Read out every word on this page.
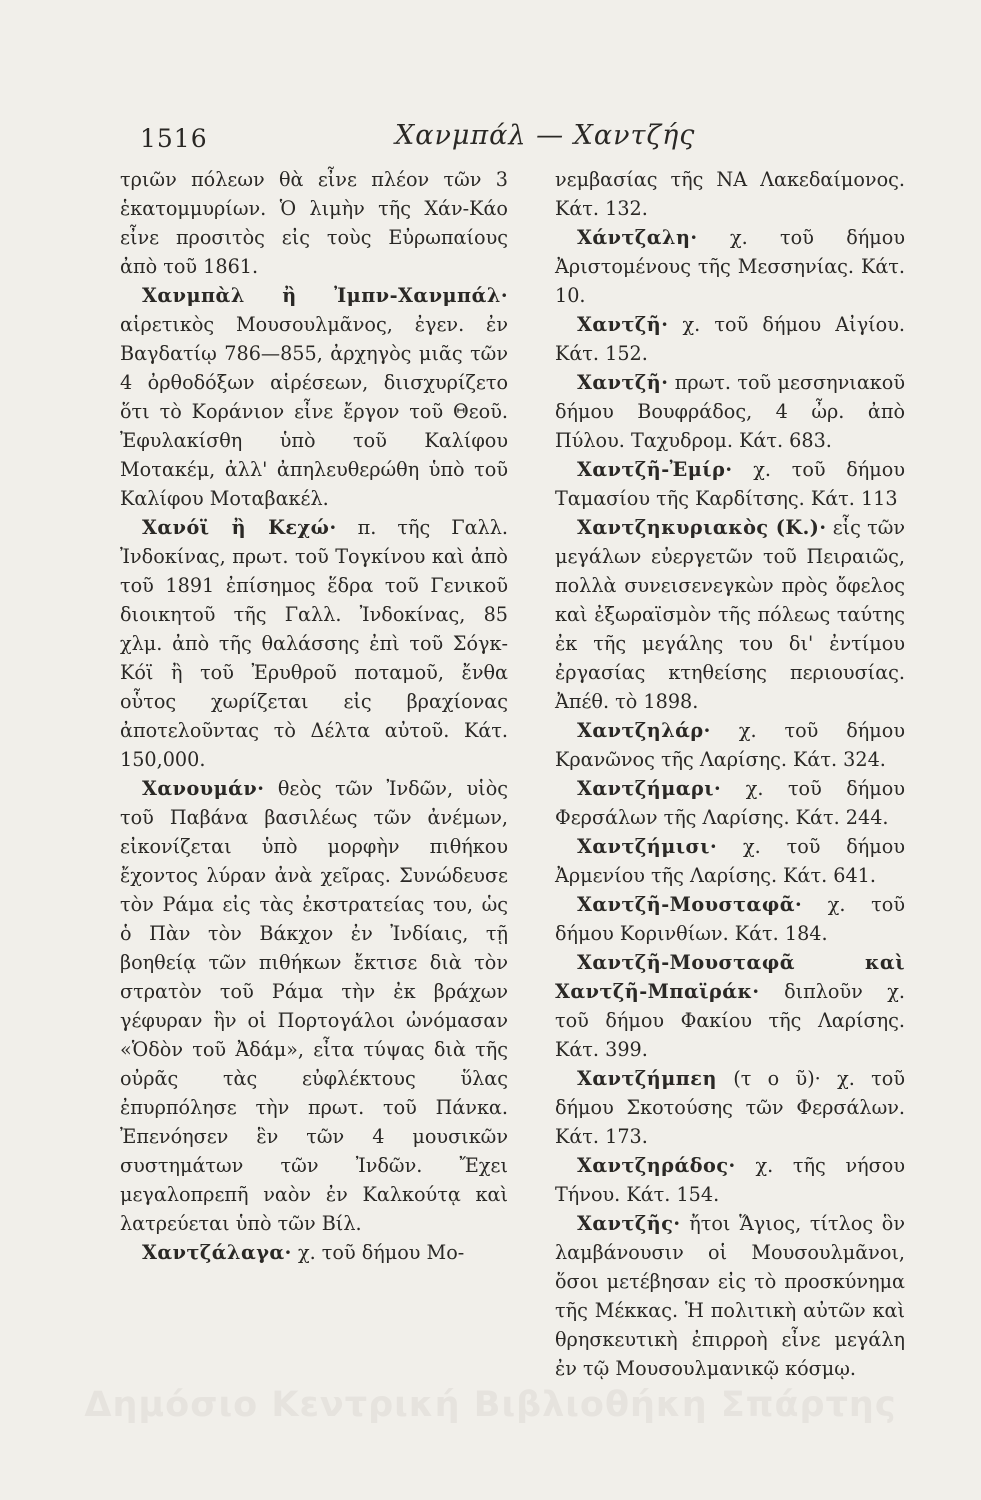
1516	Χανμπάλ — Χαντζής

τριῶν πόλεων θὰ εἶνε πλέον τῶν 3 ἑκατομμυρίων. Ὁ λιμὴν τῆς Χάν-Κάο εἶνε προσιτὸς εἰς τοὺς Εὐρωπαίους ἀπὸ τοῦ 1861.

Χανμπὰλ ἢ Ἰμπν-Χανμπάλ· αἱρετικὸς Μουσουλμᾶνος, ἐγεν. ἐν Βαγδατίῳ 786—855, ἀρχηγὸς μιᾶς τῶν 4 ὀρθοδόξων αἱρέσεων, διισχυρίζετο ὅτι τὸ Κοράνιον εἶνε ἔργον τοῦ Θεοῦ. Ἐφυλακίσθη ὑπὸ τοῦ Καλίφου Μοτακέμ, ἀλλ' ἀπηλευθερώθη ὑπὸ τοῦ Καλίφου Μοταβακέλ.

Χανόϊ ἢ Κεχώ· π. τῆς Γαλλ. Ἰνδοκίνας, πρωτ. τοῦ Τογκίνου καὶ ἀπὸ τοῦ 1891 ἐπίσημος ἕδρα τοῦ Γενικοῦ διοικητοῦ τῆς Γαλλ. Ἰνδοκίνας, 85 χλμ. ἀπὸ τῆς θαλάσσης ἐπὶ τοῦ Σόγκ-Κόϊ ἢ τοῦ Ἐρυθροῦ ποταμοῦ, ἔνθα οὗτος χωρίζεται εἰς βραχίονας ἀποτελοῦντας τὸ Δέλτα αὐτοῦ. Κάτ. 150,000.

Χανουμάν· θεὸς τῶν Ἰνδῶν, υἱὸς τοῦ Παβάνα βασιλέως τῶν ἀνέμων, εἰκονίζεται ὑπὸ μορφὴν πιθήκου ἔχοντος λύραν ἀνὰ χεῖρας. Συνώδευσε τὸν Ράμα εἰς τὰς ἐκστρατείας του, ὡς ὁ Πὰν τὸν Βάκχον ἐν Ἰνδίαις, τῇ βοηθείᾳ τῶν πιθήκων ἔκτισε διὰ τὸν στρατὸν τοῦ Ράμα τὴν ἐκ βράχων γέφυραν ἣν οἱ Πορτογάλοι ὠνόμασαν «Ὁδὸν τοῦ Ἀδάμ», εἶτα τύψας διὰ τῆς οὐρᾶς τὰς εὐφλέκτους ὕλας ἐπυρπόλησε τὴν πρωτ. τοῦ Πάνκα. Ἐπενόησεν ἓν τῶν 4 μουσικῶν συστημάτων τῶν Ἰνδῶν. Ἔχει μεγαλοπρεπῆ ναὸν ἐν Καλκούτᾳ καὶ λατρεύεται ὑπὸ τῶν Βίλ.

Χαντζάλαγα· χ. τοῦ δήμου Μο-

νεμβασίας τῆς ΝΑ Λακεδαίμονος. Κάτ. 132.

Χάντζαλη· χ. τοῦ δήμου Ἀριστομένους τῆς Μεσσηνίας. Κάτ. 10.

Χαντζῆ· χ. τοῦ δήμου Αἰγίου. Κάτ. 152.

Χαντζῆ· πρωτ. τοῦ μεσσηνιακοῦ δήμου Βουφράδος, 4 ὦρ. ἀπὸ Πύλου. Ταχυδρομ. Κάτ. 683.

Χαντζῆ-Ἐμίρ· χ. τοῦ δήμου Ταμασίου τῆς Καρδίτσης. Κάτ. 113

Χαντζηκυριακὸς (Κ.)· εἷς τῶν μεγάλων εὐεργετῶν τοῦ Πειραιῶς, πολλὰ συνεισενεγκὼν πρὸς ὄφελος καὶ ἐξωραϊσμὸν τῆς πόλεως ταύτης ἐκ τῆς μεγάλης του δι' ἐντίμου ἐργασίας κτηθείσης περιουσίας. Ἀπέθ. τὸ 1898.

Χαντζηλάρ· χ. τοῦ δήμου Κρανῶνος τῆς Λαρίσης. Κάτ. 324.

Χαντζήμαρι· χ. τοῦ δήμου Φερσάλων τῆς Λαρίσης. Κάτ. 244.

Χαντζήμισι· χ. τοῦ δήμου Ἀρμενίου τῆς Λαρίσης. Κάτ. 641.

Χαντζῆ-Μουσταφᾶ· χ. τοῦ δήμου Κορινθίων. Κάτ. 184.

Χαντζῆ-Μουσταφᾶ καὶ Χαντζῆ-Μπαϊράκ· διπλοῦν χ. τοῦ δήμου Φακίου τῆς Λαρίσης. Κάτ. 399.

Χαντζήμπεη (τ ο ῦ)· χ. τοῦ δήμου Σκοτούσης τῶν Φερσάλων. Κάτ. 173.

Χαντζηράδος· χ. τῆς νήσου Τήνου. Κάτ. 154.

Χαντζῆς· ἤτοι Ἅγιος, τίτλος ὃν λαμβάνουσιν οἱ Μουσουλμᾶνοι, ὅσοι μετέβησαν εἰς τὸ προσκύνημα τῆς Μέκκας. Ἡ πολιτικὴ αὐτῶν καὶ θρησκευτικὴ ἐπιρροὴ εἶνε μεγάλη ἐν τῷ Μουσουλμανικῷ κόσμῳ.

Δημόσιο Κεντρική Βιβλιοθήκη Σπάρτης
